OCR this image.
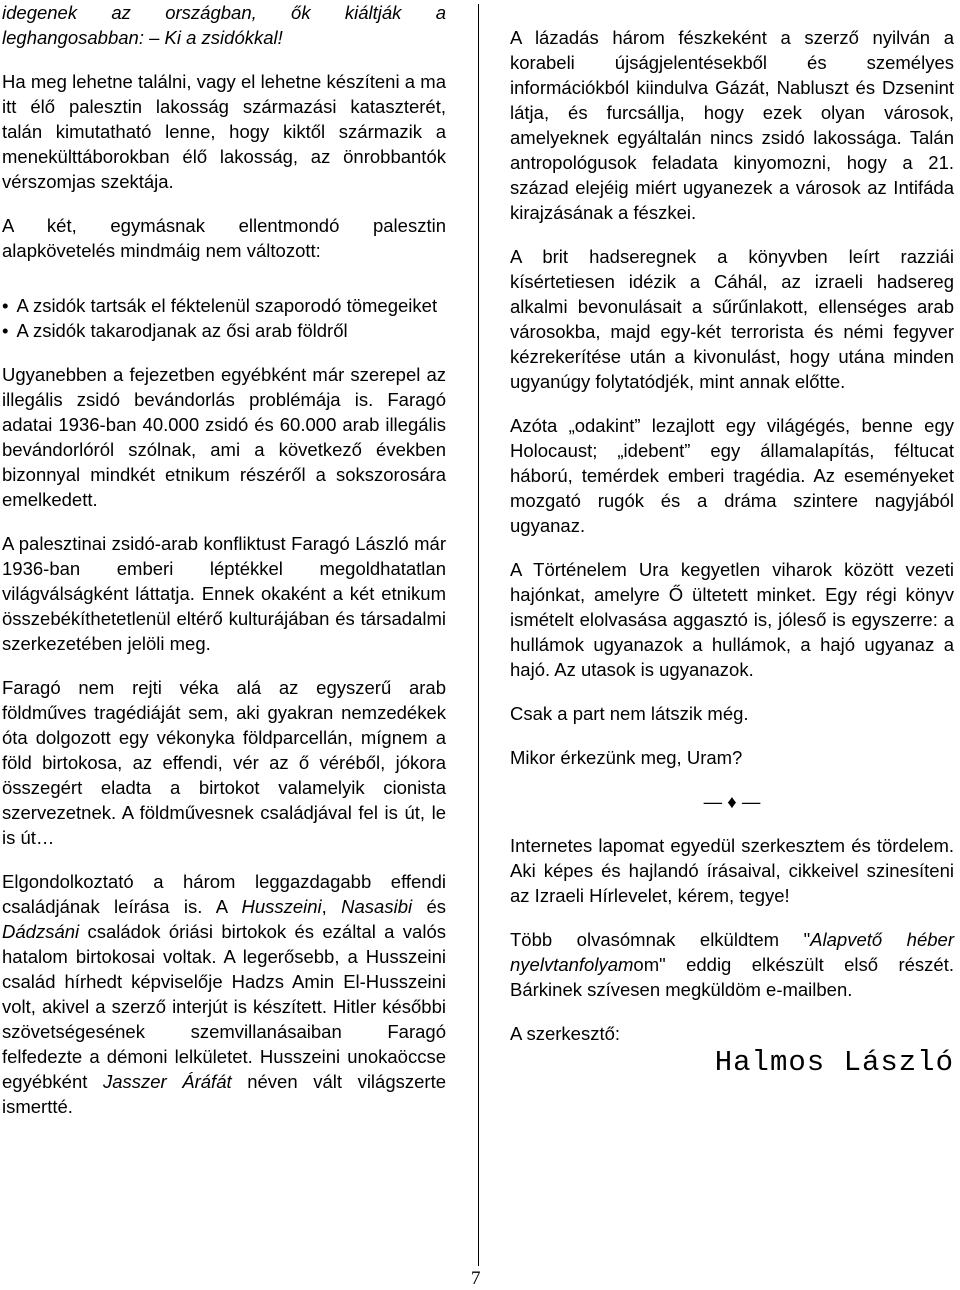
idegenek az országban, ők kiáltják a leghangosabban: – Ki a zsidókkal!

Ha meg lehetne találni, vagy el lehetne készíteni a ma itt élő palesztin lakosság származási kataszterét, talán kimutatható lenne, hogy kiktől származik a menekülttáborokban élő lakosság, az önrobbantók vérszomjas szektája.

A két, egymásnak ellentmondó palesztin alapkövetelés mindmáig nem változott:

• A zsidók tartsák el féktelenül szaporodó tömegeiket
• A zsidók takarodjanak az ősi arab földről

Ugyanebben a fejezetben egyébként már szerepel az illegális zsidó bevándorlás problémája is. Faragó adatai 1936-ban 40.000 zsidó és 60.000 arab illegális bevándorlóról szólnak, ami a következő években bizonnyal mindkét etnikum részéről a sokszorosára emelkedett.

A palesztinai zsidó-arab konfliktust Faragó László már 1936-ban emberi léptékkel megoldhatatlan világválságként láttatja. Ennek okaként a két etnikum összebékíthetetlenül eltérő kulturájában és társadalmi szerkezetében jelöli meg.

Faragó nem rejti véka alá az egyszerű arab földműves tragédiáját sem, aki gyakran nemzedékek óta dolgozott egy vékonyka földparcellán, mígnem a föld birtokosa, az effendi, vér az ő véréből, jókora összegért eladta a birtokot valamelyik cionista szervezetnek. A földművesnek családjával fel is út, le is út…

Elgondolkoztató a három leggazdagabb effendi családjának leírása is. A Husszeini, Nasasibi és Dádzsáni családok óriási birtokok és ezáltal a valós hatalom birtokosai voltak. A legerősebb, a Husszeini család hírhedt képviselője Hadzs Amin El-Husszeini volt, akivel a szerző interjút is készített. Hitler későbbi szövetségesének szemvillanásaiban Faragó felfedezte a démoni lelkületet. Husszeini unokaöccse egyébként Jasszer Áráfát néven vált világszerte ismertté.

A lázadás három fészkeként a szerző nyilván a korabeli újságjelentésekből és személyes információkból kiindulva Gázát, Nabluszt és Dzsenint látja, és furcsállja, hogy ezek olyan városok, amelyeknek egyáltalán nincs zsidó lakossága. Talán antropológusok feladata kinyomozni, hogy a 21. század elejéig miért ugyanezek a városok az Intifáda kirajzásának a fészkei.

A brit hadseregnek a könyvben leírt razziái kísértetiesen idézik a Cáhál, az izraeli hadsereg alkalmi bevonulásait a sűrűnlakott, ellenséges arab városokba, majd egy-két terrorista és némi fegyver kézrekerítése után a kivonulást, hogy utána minden ugyanúgy folytatódjék, mint annak előtte.

Azóta „odakint” lezajlott egy világégés, benne egy Holocaust; „idebent” egy államalapítás, féltucat háború, temérdek emberi tragédia. Az eseményeket mozgató rugók és a dráma szintere nagyjából ugyanaz.

A Történelem Ura kegyetlen viharok között vezeti hajónkat, amelyre Ő ültetett minket. Egy régi könyv ismételt elolvasása aggasztó is, jóleső is egyszerre: a hullámok ugyanazok a hullámok, a hajó ugyanaz a hajó. Az utasok is ugyanazok.

Csak a part nem látszik még.

Mikor érkezünk meg, Uram?

— ♦ —

Internetes lapomat egyedül szerkesztem és tördelem. Aki képes és hajlandó írásaival, cikkeivel szinesíteni az Izraeli Hírlevelet, kérem, tegye!

Több olvasómnak elküldtem "Alapvető héber nyelvtanfolyamom" eddig elkészült első részét. Bárkinek szívesen megküldöm e-mailben.

A szerkesztő:
Halmos László
7
